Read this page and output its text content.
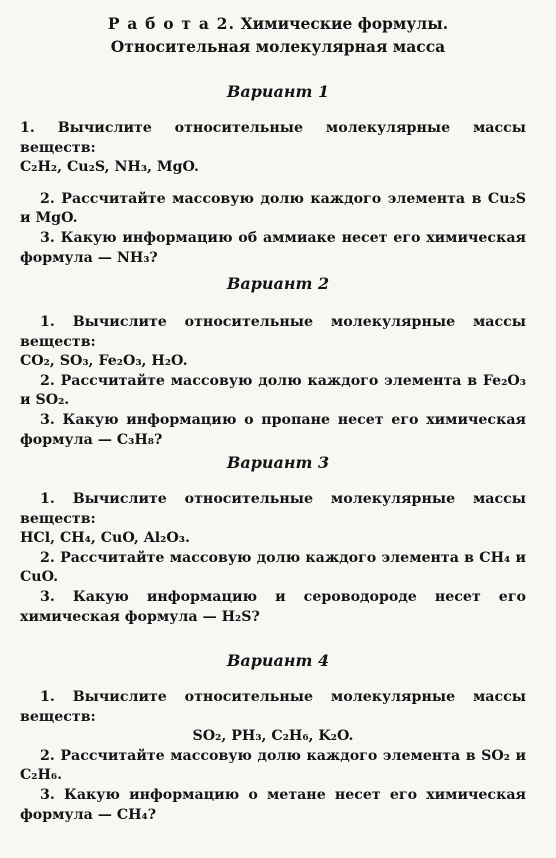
Р а б о т а 2. Химические формулы.
Относительная молекулярная масса
Вариант 1

1. Вычислите относительные молекулярные массы веществ:

C₂H₂, Cu₂S, NH₃, MgO.

2. Рассчитайте массовую долю каждого элемента в Cu₂S и MgO.

3. Какую информацию об аммиаке несет его химическая формула — NH₃?

Вариант 2

1. Вычислите относительные молекулярные массы веществ:

CO₂, SO₃, Fe₂O₃, H₂O.

2. Рассчитайте массовую долю каждого элемента в Fe₂O₃ и SO₂.

3. Какую информацию о пропане несет его химическая формула — C₃H₈?

Вариант 3

1. Вычислите относительные молекулярные массы веществ:

HCl, CH₄, CuO, Al₂O₃.

2. Рассчитайте массовую долю каждого элемента в CH₄ и CuO.

3. Какую информацию и сероводороде несет его химическая формула — H₂S?

Вариант 4

1. Вычислите относительные молекулярные массы веществ:

SO₂, PH₃, C₂H₆, K₂O.

2. Рассчитайте массовую долю каждого элемента в SO₂ и C₂H₆.

3. Какую информацию о метане несет его химическая формула — CH₄?
